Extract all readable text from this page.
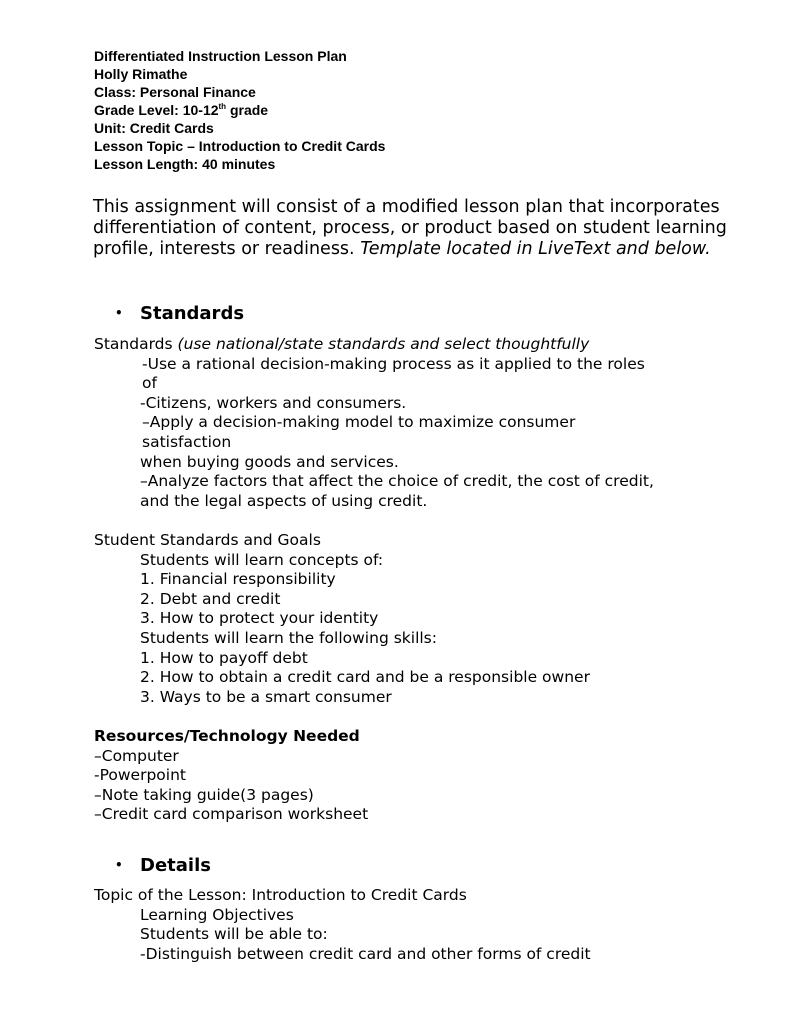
Differentiated Instruction Lesson Plan
Holly Rimathe
Class: Personal Finance
Grade Level: 10-12th grade
Unit: Credit Cards
Lesson Topic – Introduction to Credit Cards
Lesson Length: 40 minutes
This assignment will consist of a modified lesson plan that incorporates differentiation of content, process, or product based on student learning profile, interests or readiness. Template located in LiveText and below.
• Standards
Standards (use national/state standards and select thoughtfully
-Use a rational decision-making process as it applied to the roles
of
-Citizens, workers and consumers.
–Apply a decision-making model to maximize consumer
satisfaction
when buying goods and services.
–Analyze factors that affect the choice of credit, the cost of credit,
and the legal aspects of using credit.
Student Standards and Goals
Students will learn concepts of:
1. Financial responsibility
2. Debt and credit
3. How to protect your identity
Students will learn the following skills:
1. How to payoff debt
2. How to obtain a credit card and be a responsible owner
3. Ways to be a smart consumer
Resources/Technology Needed
–Computer
-Powerpoint
–Note taking guide(3 pages)
–Credit card comparison worksheet
• Details
Topic of the Lesson: Introduction to Credit Cards
Learning Objectives
Students will be able to:
-Distinguish between credit card and other forms of credit
